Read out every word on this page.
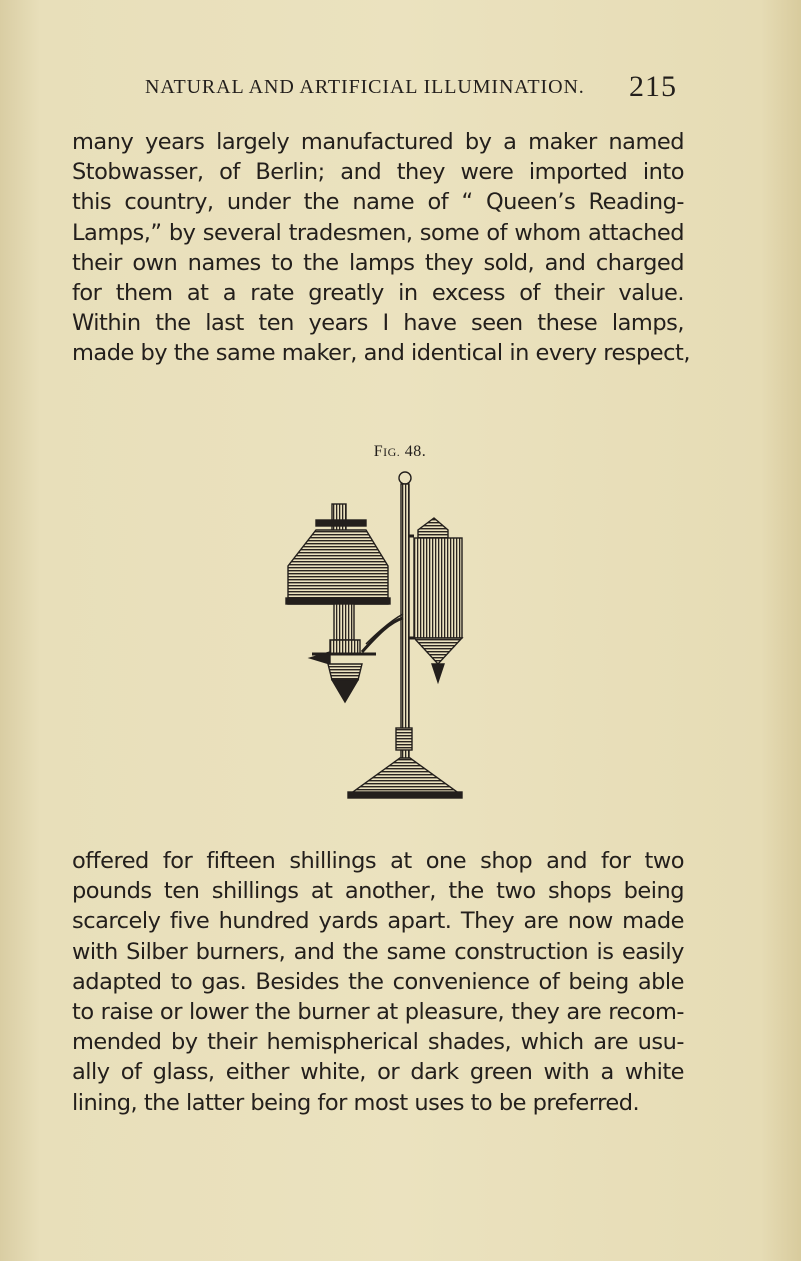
NATURAL AND ARTIFICIAL ILLUMINATION. 215
many years largely manufactured by a maker named
Stobwasser, of Berlin; and they were imported into
this country, under the name of “ Queen’s Reading-
Lamps,” by several tradesmen, some of whom attached
their own names to the lamps they sold, and charged
for them at a rate greatly in excess of their value.
Within the last ten years I have seen these lamps,
made by the same maker, and identical in every respect,
FIG. 48.
offered for fifteen shillings at one shop and for two
pounds ten shillings at another, the two shops being
scarcely five hundred yards apart. They are now made
with Silber burners, and the same construction is easily
adapted to gas. Besides the convenience of being able
to raise or lower the burner at pleasure, they are recom-
mended by their hemispherical shades, which are usu-
ally of glass, either white, or dark green with a white
lining, the latter being for most uses to be preferred.
